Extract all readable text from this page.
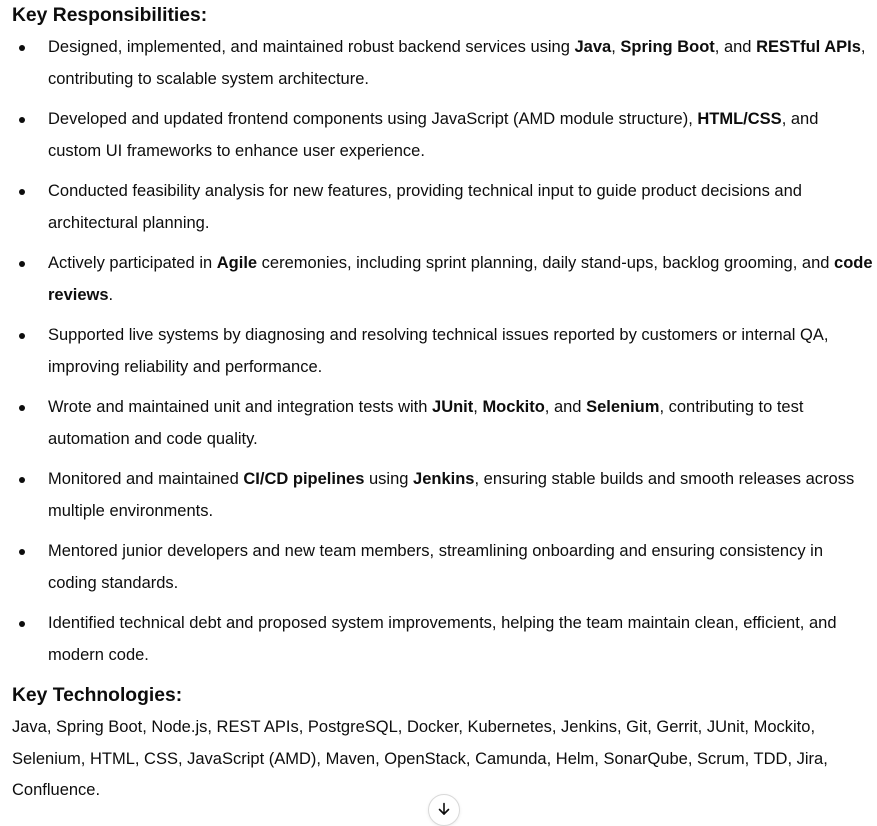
Key Responsibilities:
Designed, implemented, and maintained robust backend services using Java, Spring Boot, and RESTful APIs, contributing to scalable system architecture.
Developed and updated frontend components using JavaScript (AMD module structure), HTML/CSS, and custom UI frameworks to enhance user experience.
Conducted feasibility analysis for new features, providing technical input to guide product decisions and architectural planning.
Actively participated in Agile ceremonies, including sprint planning, daily stand-ups, backlog grooming, and code reviews.
Supported live systems by diagnosing and resolving technical issues reported by customers or internal QA, improving reliability and performance.
Wrote and maintained unit and integration tests with JUnit, Mockito, and Selenium, contributing to test automation and code quality.
Monitored and maintained CI/CD pipelines using Jenkins, ensuring stable builds and smooth releases across multiple environments.
Mentored junior developers and new team members, streamlining onboarding and ensuring consistency in coding standards.
Identified technical debt and proposed system improvements, helping the team maintain clean, efficient, and modern code.
Key Technologies:

Java, Spring Boot, Node.js, REST APIs, PostgreSQL, Docker, Kubernetes, Jenkins, Git, Gerrit, JUnit, Mockito, Selenium, HTML, CSS, JavaScript (AMD), Maven, OpenStack, Camunda, Helm, SonarQube, Scrum, TDD, Jira, Confluence.
